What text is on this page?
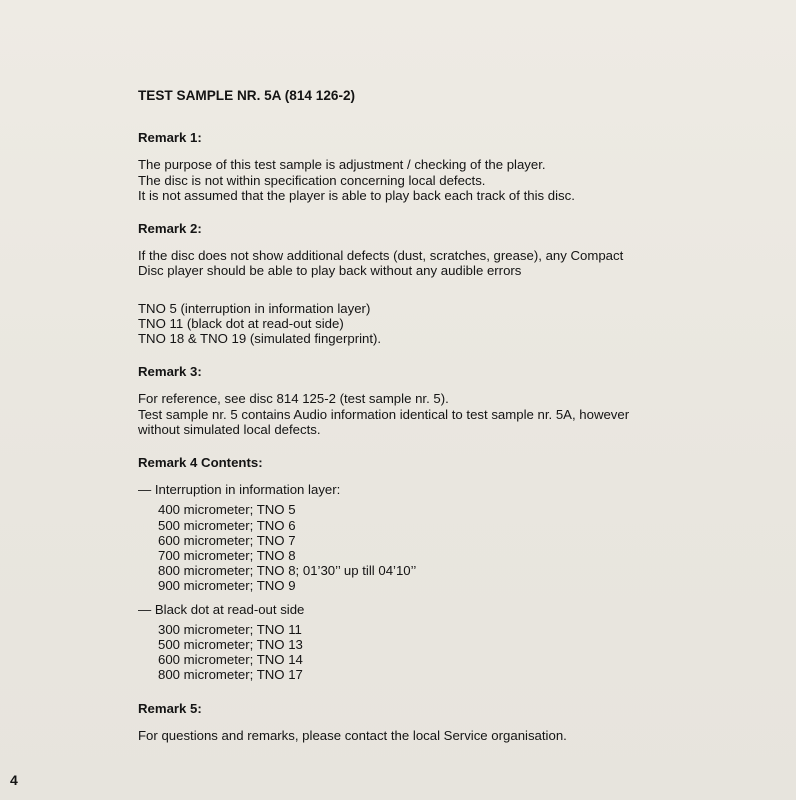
TEST SAMPLE NR. 5A (814 126-2)
Remark 1:

The purpose of this test sample is adjustment / checking of the player.

The disc is not within specification concerning local defects.

It is not assumed that the player is able to play back each track of this disc.

Remark 2:

If the disc does not show additional defects (dust, scratches, grease), any Compact

Disc player should be able to play back without any audible errors

TNO 5 (interruption in information layer)

TNO 11 (black dot at read-out side)

TNO 18 & TNO 19 (simulated fingerprint).

Remark 3:

For reference, see disc 814 125-2 (test sample nr. 5).

Test sample nr. 5 contains Audio information identical to test sample nr. 5A, however

without simulated local defects.

Remark 4 Contents:

— Interruption in information layer:

400 micrometer; TNO 5
500 micrometer; TNO 6
600 micrometer; TNO 7
700 micrometer; TNO 8
800 micrometer; TNO 8; 01’30’’ up till 04’10’’
900 micrometer; TNO 9

— Black dot at read-out side

300 micrometer; TNO 11
500 micrometer; TNO 13
600 micrometer; TNO 14
800 micrometer; TNO 17
Remark 5:

For questions and remarks, please contact the local Service organisation.

4
